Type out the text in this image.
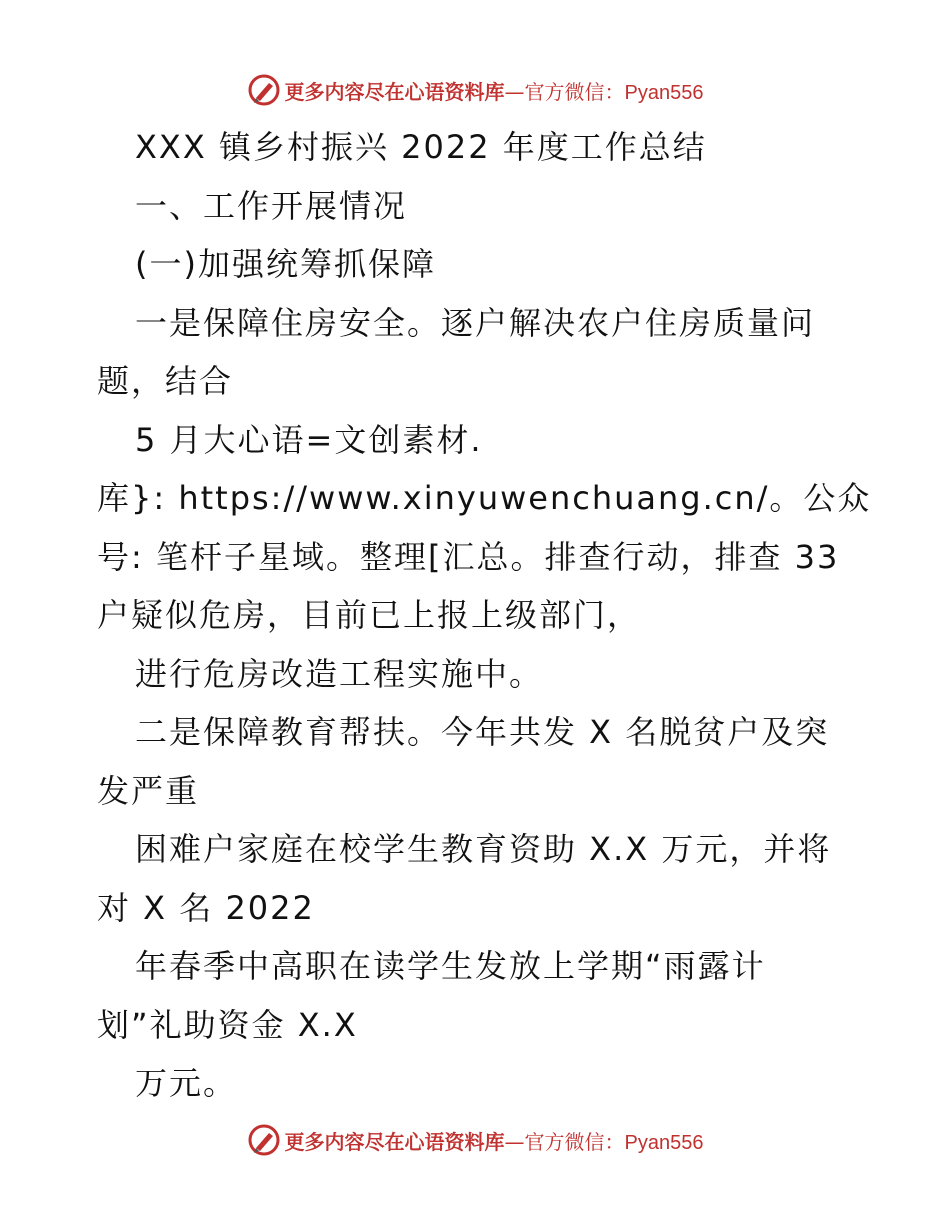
更多内容尽在心语资料库—官方微信：Pyan556
XXX 镇乡村振兴 2022 年度工作总结
一、工作开展情况
(一)加强统筹抓保障
一是保障住房安全。逐户解决农户住房质量问
题，结合
5 月大心语=文创素材.
库}: https://www.xinyuwenchuang.cn/。公众
号: 笔杆子星域。整理[汇总。排查行动，排查 33
户疑似危房，目前已上报上级部门，
进行危房改造工程实施中。
二是保障教育帮扶。今年共发 X 名脱贫户及突
发严重
困难户家庭在校学生教育资助 X.X 万元，并将
对 X 名 2022
年春季中高职在读学生发放上学期“雨露计
划”礼助资金 X.X
万元。
更多内容尽在心语资料库—官方微信：Pyan556
